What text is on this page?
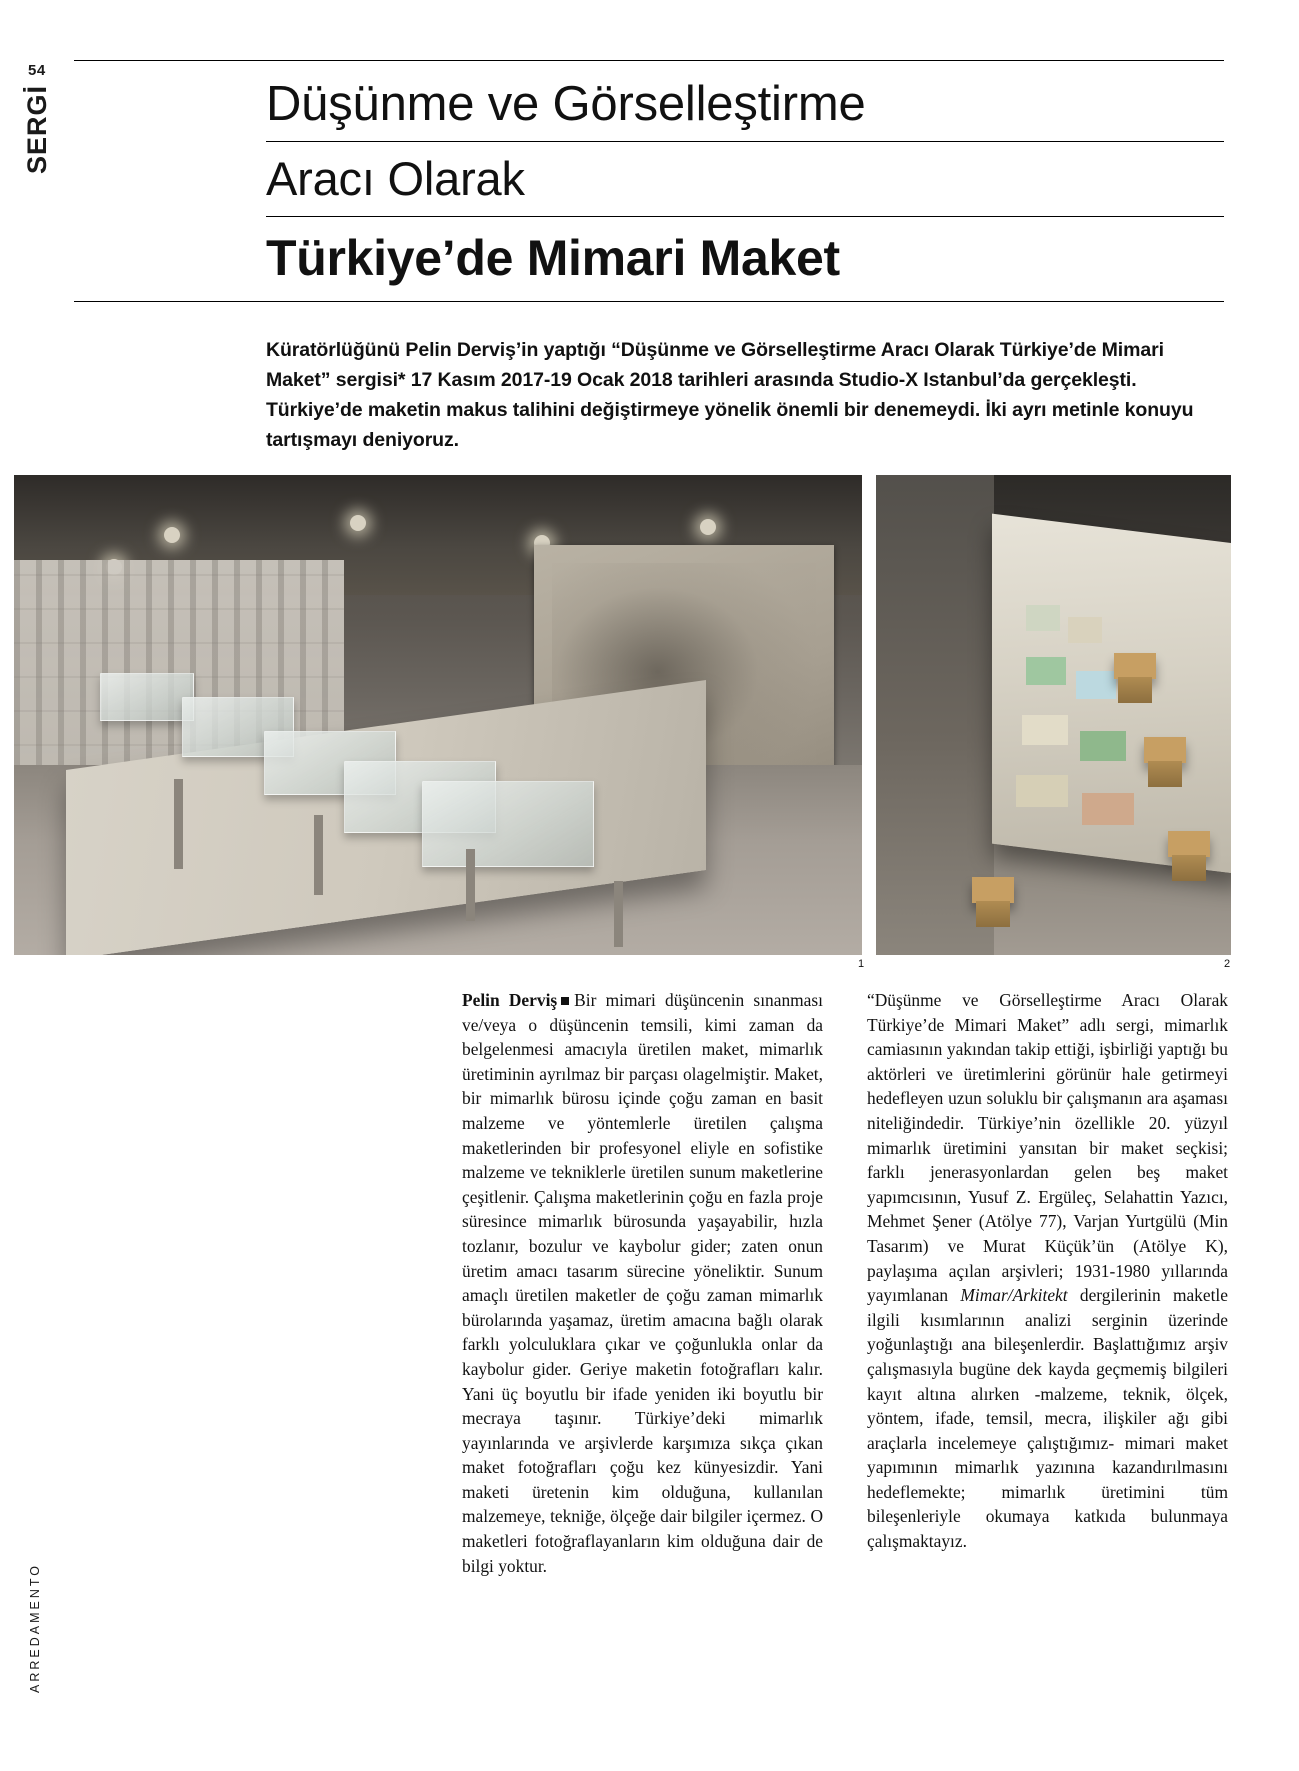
54
SERGİ
ARREDAMENTO
Düşünme ve Görselleştirme
Aracı Olarak
Türkiye’de Mimari Maket
Küratörlüğünü Pelin Derviş’in yaptığı “Düşünme ve Görselleştirme Aracı Olarak Türkiye’de Mimari Maket” sergisi* 17 Kasım 2017-19 Ocak 2018 tarihleri arasında Studio-X Istanbul’da gerçekleşti. Türkiye’de maketin makus talihini değiştirmeye yönelik önemli bir denemeydi. İki ayrı metinle konuyu tartışmayı deniyoruz.
1	2
Pelin Derviş Bir mimari düşüncenin sınanması ve/veya o düşüncenin temsili, kimi zaman da belgelenmesi amacıyla üretilen maket, mimarlık üretiminin ayrılmaz bir parçası olagelmiştir. Maket, bir mimarlık bürosu içinde çoğu zaman en basit malzeme ve yöntemlerle üretilen çalışma maketlerinden bir profesyonel eliyle en sofistike malzeme ve tekniklerle üretilen sunum maketlerine çeşitlenir. Çalışma maketlerinin çoğu en fazla proje süresince mimarlık bürosunda yaşayabilir, hızla tozlanır, bozulur ve kaybolur gider; zaten onun üretim amacı tasarım sürecine yöneliktir. Sunum amaçlı üretilen maketler de çoğu zaman mimarlık bürolarında yaşamaz, üretim amacına bağlı olarak farklı yolculuklara çıkar ve çoğunlukla onlar da kaybolur gider. Geriye maketin fotoğrafları kalır. Yani üç boyutlu bir ifade yeniden iki boyutlu bir mecraya taşınır. Türkiye’deki mimarlık yayınlarında ve arşivlerde karşımıza sıkça çıkan maket fotoğrafları çoğu kez künyesizdir. Yani maketi üretenin kim olduğuna, kullanılan malzemeye, tekniğe, ölçeğe dair bilgiler içermez. O maketleri fotoğraflayanların kim olduğuna dair de bilgi yoktur.
“Düşünme ve Görselleştirme Aracı Olarak Türkiye’de Mimari Maket” adlı sergi, mimarlık camiasının yakından takip ettiği, işbirliği yaptığı bu aktörleri ve üretimlerini görünür hale getirmeyi hedefleyen uzun soluklu bir çalışmanın ara aşaması niteliğindedir. Türkiye’nin özellikle 20. yüzyıl mimarlık üretimini yansıtan bir maket seçkisi; farklı jenerasyonlardan gelen beş maket yapımcısının, Yusuf Z. Ergüleç, Selahattin Yazıcı, Mehmet Şener (Atölye 77), Varjan Yurtgülü (Min Tasarım) ve Murat Küçük’ün (Atölye K), paylaşıma açılan arşivleri; 1931-1980 yıllarında yayımlanan Mimar/Arkitekt dergilerinin maketle ilgili kısımlarının analizi serginin üzerinde yoğunlaştığı ana bileşenlerdir. Başlattığımız arşiv çalışmasıyla bugüne dek kayda geçmemiş bilgileri kayıt altına alırken -malzeme, teknik, ölçek, yöntem, ifade, temsil, mecra, ilişkiler ağı gibi araçlarla incelemeye çalıştığımız- mimari maket yapımının mimarlık yazınına kazandırılmasını hedeflemekte; mimarlık üretimini tüm bileşenleriyle okumaya katkıda bulunmaya çalışmaktayız.
